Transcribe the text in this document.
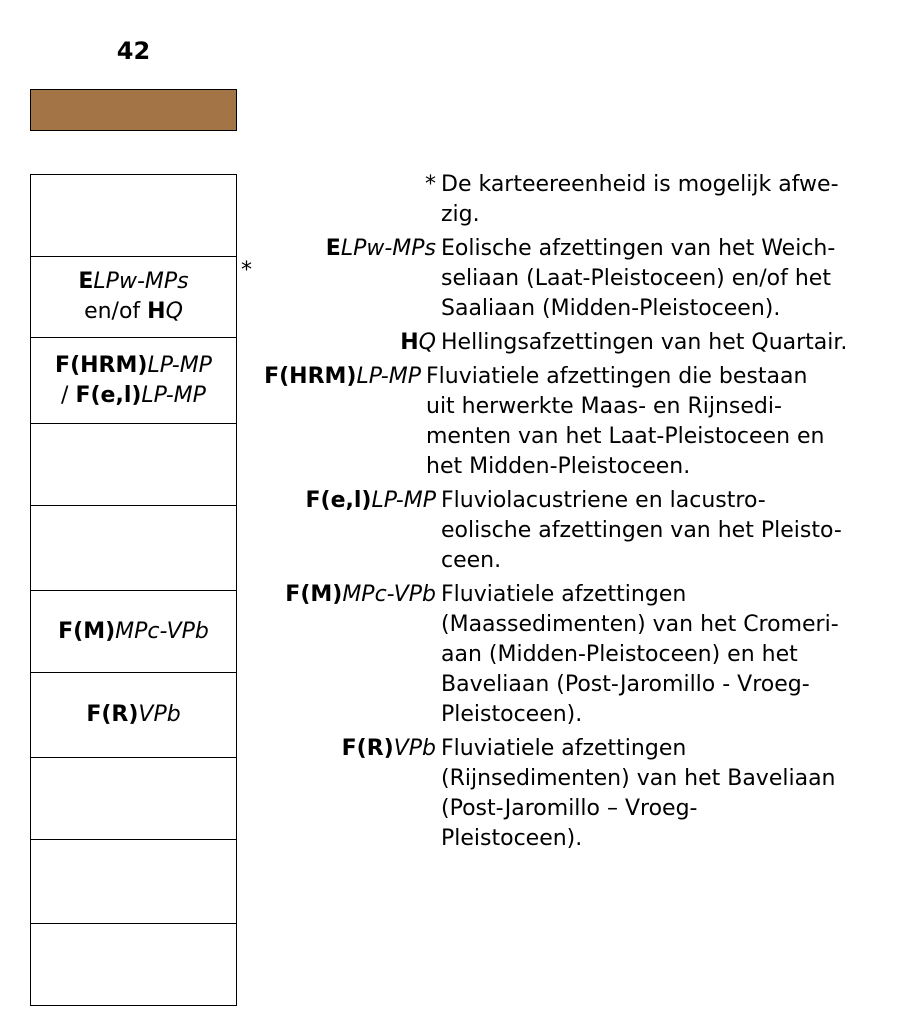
42
ELPw-MPs
en/of HQ
F(HRM)LP-MP
/ F(e,l)LP-MP
F(M)MPc-VPb
F(R)VPb
*
* De karteereenheid is mogelijk afwe-
zig.
ELPw-MPs Eolische afzettingen van het Weich-
seliaan (Laat-Pleistoceen) en/of het
Saaliaan (Midden-Pleistoceen).
HQ Hellingsafzettingen van het Quartair.
F(HRM)LP-MP Fluviatiele afzettingen die bestaan
uit herwerkte Maas- en Rijnsedi-
menten van het Laat-Pleistoceen en
het Midden-Pleistoceen.
F(e,l)LP-MP Fluviolacustriene en lacustro-
eolische afzettingen van het Pleisto-
ceen.
F(M)MPc-VPb Fluviatiele afzettingen
(Maassedimenten) van het Cromeri-
aan (Midden-Pleistoceen) en het
Baveliaan (Post-Jaromillo - Vroeg-
Pleistoceen).
F(R)VPb Fluviatiele afzettingen
(Rijnsedimenten) van het Baveliaan
(Post-Jaromillo – Vroeg-
Pleistoceen).
